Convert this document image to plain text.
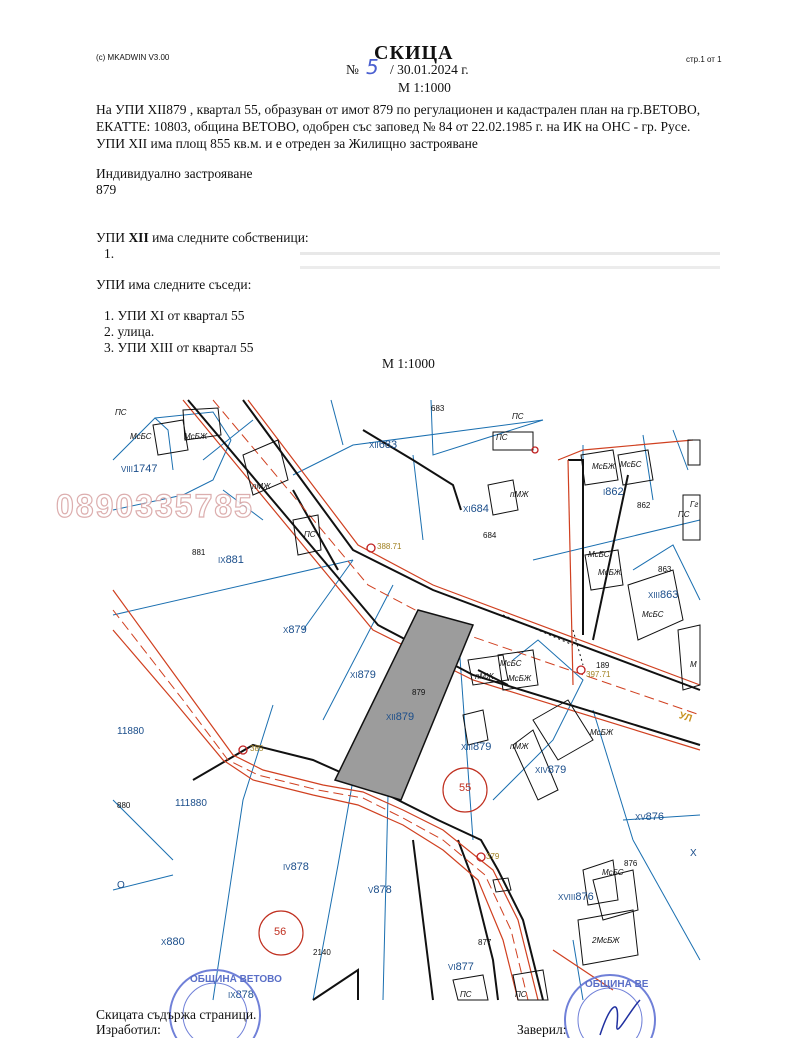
(c) MKADWIN V3.00	СКИЦА
№ 5 / 30.01.2024 г.
М 1:1000
стр.1 от 1
На УПИ XII879 , квартал 55, образуван от имот 879 по регулационен и кадастрален план на гр.ВЕТОВО,
ЕКАТТЕ: 10803, община ВЕТОВО, одобрен със заповед № 84 от 22.02.1985 г. на ИК на ОНС - гр. Русе.
УПИ XII има площ 855 кв.м. и е отреден за Жилищно застрояване
Индивидуално застрояване
879
УПИ XII има следните собственици:
1.
УПИ има следните съседи:
1. УПИ XI от квартал 55
2. улица.
3. УПИ XIII от квартал 55
М 1:1000
XII683
VIII1747
XI684
IX881
X879
XI879
XII879
XIII879
XIV879
I862
XIII863
XV876
IV878
V878
X880
XVIII876
VI877
IX878
683
684
881
862
863
879
11880
111880
880
876
877
2140
189
О
Х
ПС
МсБС	МсБЖ
пМЖ
ПС
ПС
ПС
пМЖ
МсБЖ МсБС
МсБС
МсБЖ
МсБС
ПС
пМЖ
МсБС
МсБЖ
МсБЖ
пМЖ
МсБС
2МсБЖ
ПС	ПС
Гг
М
388.71
397.71
385
379
55
56
УЛ
0890335785
ОБЩИНА ВЕТОВО	ОБЩИНА ВЕ
Скицата съдържа страници.
Изработил:	Заверил:
